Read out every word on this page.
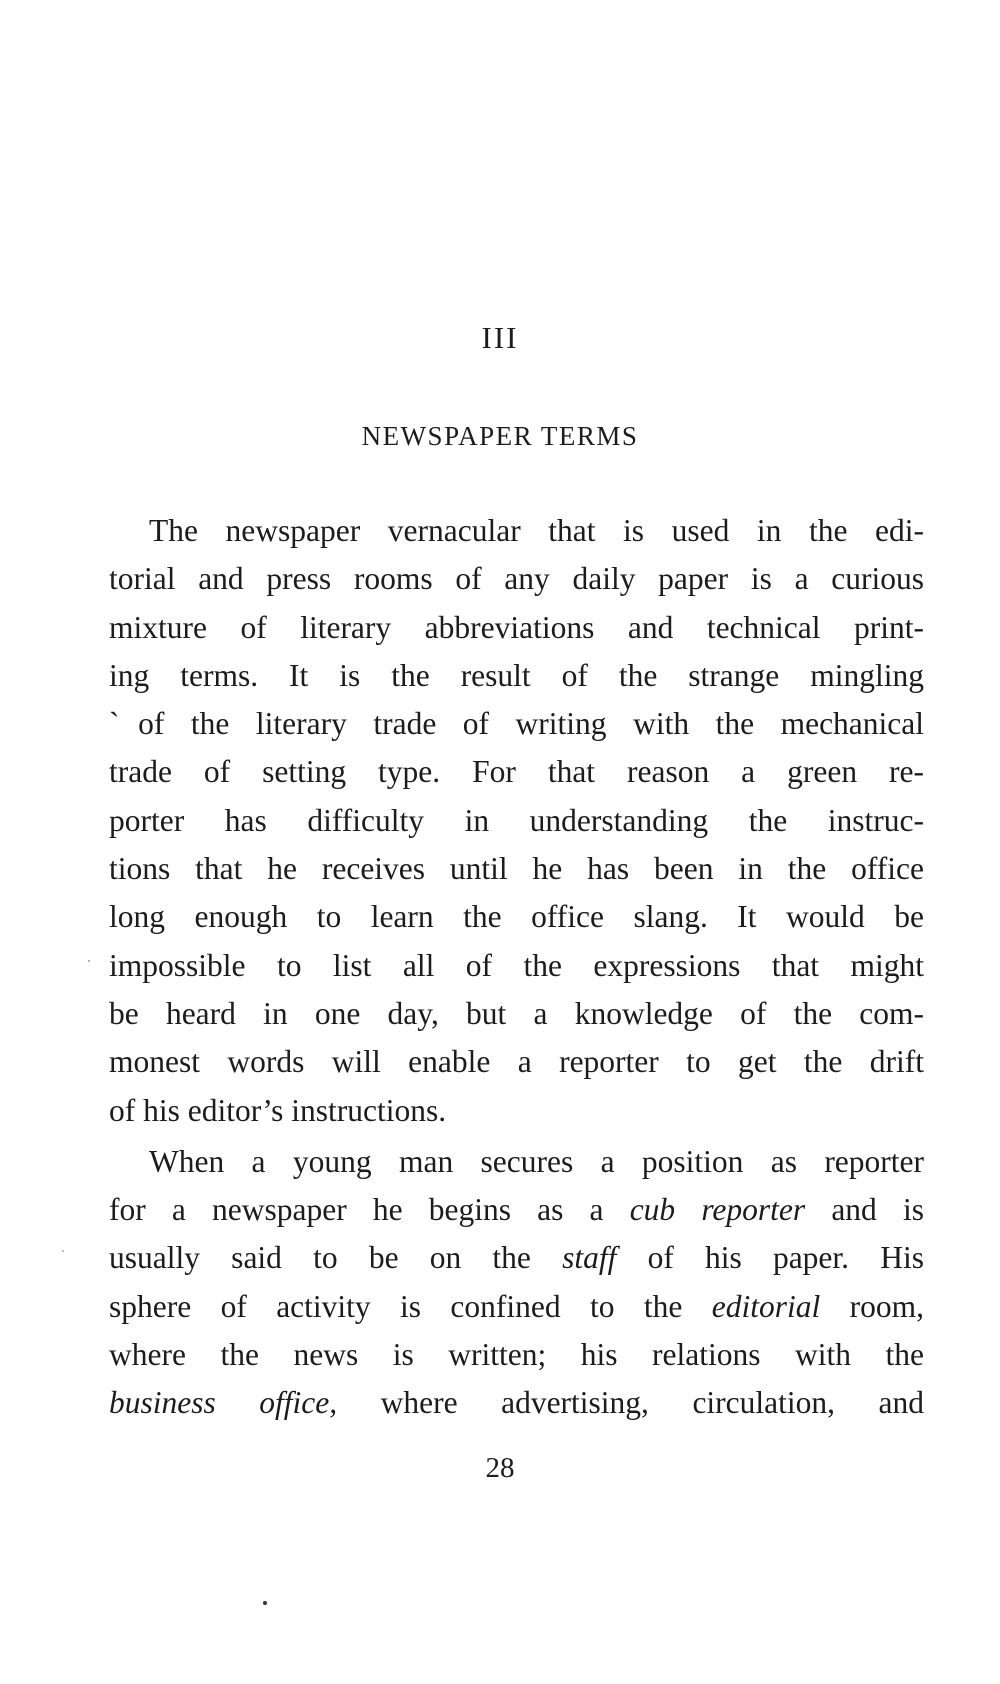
III
NEWSPAPER TERMS
The newspaper vernacular that is used in the edi-
torial and press rooms of any daily paper is a curious
mixture of literary abbreviations and technical print-
ing terms. It is the result of the strange mingling
ˋof the literary trade of writing with the mechanical
trade of setting type. For that reason a green re-
porter has difficulty in understanding the instruc-
tions that he receives until he has been in the office
long enough to learn the office slang. It would be
impossible to list all of the expressions that might
be heard in one day, but a knowledge of the com-
monest words will enable a reporter to get the drift
of his editor’s instructions.
When a young man secures a position as reporter
for a newspaper he begins as a cub reporter and is
usually said to be on the staff of his paper. His
sphere of activity is confined to the editorial room,
where the news is written; his relations with the
business office, where advertising, circulation, and
28
